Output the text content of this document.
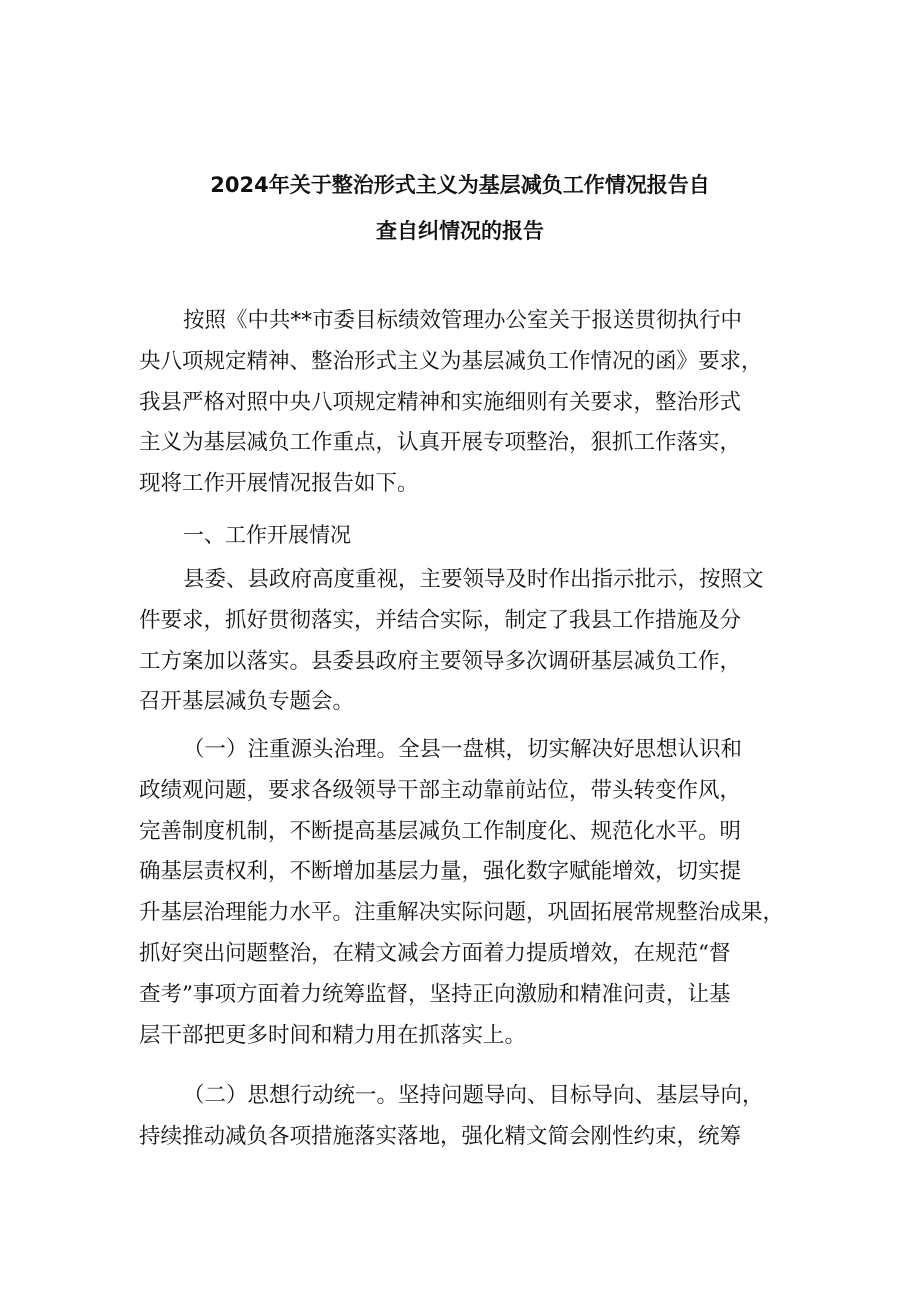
2024年关于整治形式主义为基层减负工作情况报告自
查自纠情况的报告
按照《中共**市委目标绩效管理办公室关于报送贯彻执行中
央八项规定精神、整治形式主义为基层减负工作情况的函》要求，
我县严格对照中央八项规定精神和实施细则有关要求，整治形式
主义为基层减负工作重点，认真开展专项整治，狠抓工作落实，
现将工作开展情况报告如下。
一、工作开展情况
县委、县政府高度重视，主要领导及时作出指示批示，按照文
件要求，抓好贯彻落实，并结合实际，制定了我县工作措施及分
工方案加以落实。县委县政府主要领导多次调研基层减负工作，
召开基层减负专题会。
（一）注重源头治理。全县一盘棋，切实解决好思想认识和
政绩观问题，要求各级领导干部主动靠前站位，带头转变作风，
完善制度机制，不断提高基层减负工作制度化、规范化水平。明
确基层责权利，不断增加基层力量，强化数字赋能增效，切实提
升基层治理能力水平。注重解决实际问题，巩固拓展常规整治成果，
抓好突出问题整治，在精文减会方面着力提质增效，在规范“督
查考”事项方面着力统筹监督，坚持正向激励和精准问责，让基
层干部把更多时间和精力用在抓落实上。
（二）思想行动统一。坚持问题导向、目标导向、基层导向，
持续推动减负各项措施落实落地，强化精文简会刚性约束，统筹
